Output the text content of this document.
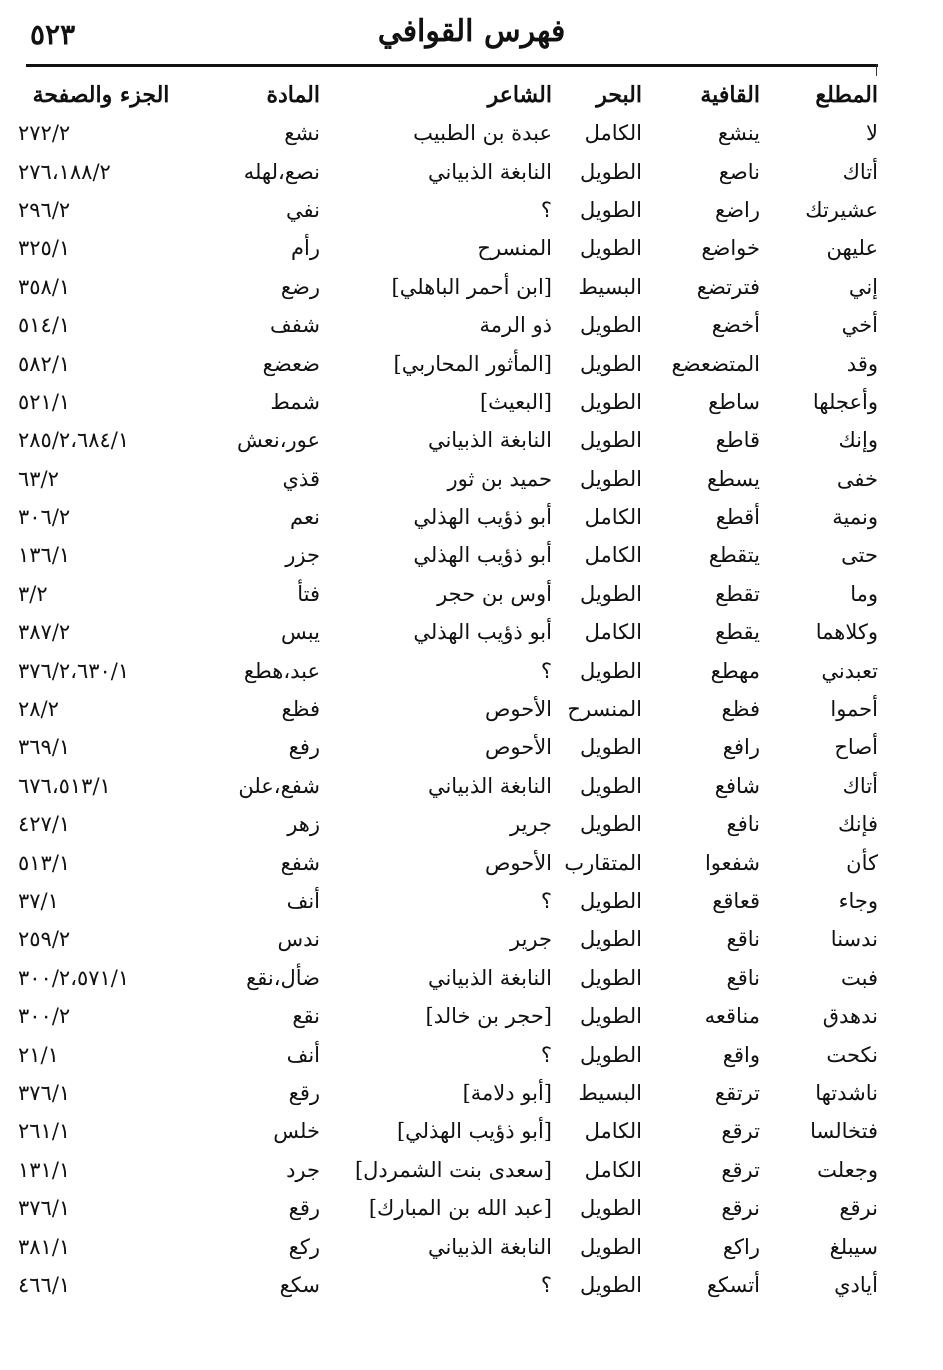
فهرس القوافي
٥٢٣
المطلع	القافية	البحر	الشاعر	المادة	الجزء والصفحة
لا	ينشع	الكامل	عبدة بن الطبيب	نشع	٢٧٢/٢
أتاك	ناصع	الطويل	النابغة الذبياني	نصع،لهله	٢٧٦،١٨٨/٢
عشيرتك	راضع	الطويل	؟	نفي	٢٩٦/٢
عليهن	خواضع	الطويل	المنسرح	رأم	٣٢٥/١
إني	فترتضع	البسيط	[ابن أحمر الباهلي]	رضع	٣٥٨/١
أخي	أخضع	الطويل	ذو الرمة	شفف	٥١٤/١
وقد	المتضعضع	الطويل	[المأثور المحاربي]	ضعضع	٥٨٢/١
وأعجلها	ساطع	الطويل	[البعيث]	شمط	٥٢١/١
وإنك	قاطع	الطويل	النابغة الذبياني	عور،نعش	٢٨٥/٢،٦٨٤/١
خفى	يسطع	الطويل	حميد بن ثور	قذي	٦٣/٢
ونمية	أقطع	الكامل	أبو ذؤيب الهذلي	نعم	٣٠٦/٢
حتى	يتقطع	الكامل	أبو ذؤيب الهذلي	جزر	١٣٦/١
وما	تقطع	الطويل	أوس بن حجر	فتأ	٣/٢
وكلاهما	يقطع	الكامل	أبو ذؤيب الهذلي	يبس	٣٨٧/٢
تعبدني	مهطع	الطويل	؟	عبد،هطع	٣٧٦/٢،٦٣٠/١
أحموا	فظع	المنسرح	الأحوص	فظع	٢٨/٢
أصاح	رافع	الطويل	الأحوص	رفع	٣٦٩/١
أتاك	شافع	الطويل	النابغة الذبياني	شفع،علن	٦٧٦،٥١٣/١
فإنك	نافع	الطويل	جرير	زهر	٤٢٧/١
كأن	شفعوا	المتقارب	الأحوص	شفع	٥١٣/١
وجاء	قعاقع	الطويل	؟	أنف	٣٧/١
ندسنا	ناقع	الطويل	جرير	ندس	٢٥٩/٢
فبت	ناقع	الطويل	النابغة الذبياني	ضأل،نقع	٣٠٠/٢،٥٧١/١
ندهدق	مناقعه	الطويل	[حجر بن خالد]	نقع	٣٠٠/٢
نكحت	واقع	الطويل	؟	أنف	٢١/١
ناشدتها	ترتقع	البسيط	[أبو دلامة]	رقع	٣٧٦/١
فتخالسا	ترقع	الكامل	[أبو ذؤيب الهذلي]	خلس	٢٦١/١
وجعلت	ترقع	الكامل	[سعدى بنت الشمردل]	جرد	١٣١/١
نرقع	نرقع	الطويل	[عبد الله بن المبارك]	رقع	٣٧٦/١
سيبلغ	راكع	الطويل	النابغة الذبياني	ركع	٣٨١/١
أيادي	أتسكع	الطويل	؟	سكع	٤٦٦/١
